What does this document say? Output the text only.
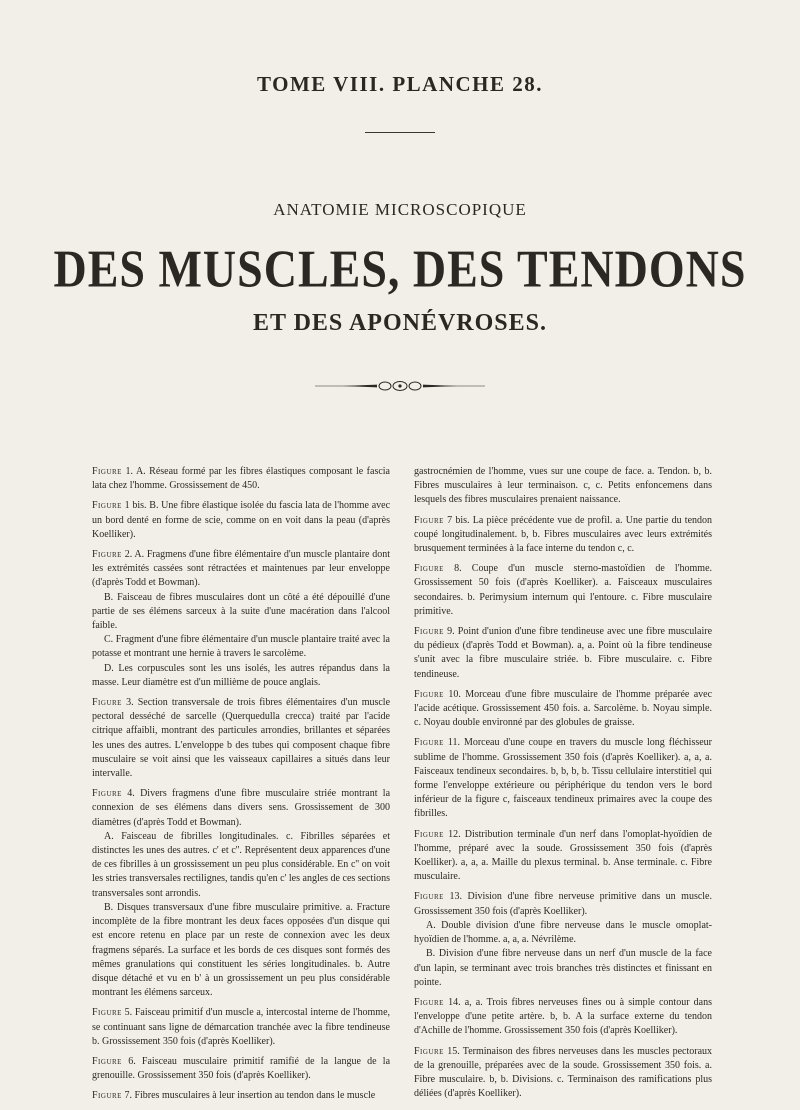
TOME VIII. PLANCHE 28.
ANATOMIE MICROSCOPIQUE
DES MUSCLES, DES TENDONS
ET DES APONÉVROSES.
Figure 1. A. Réseau formé par les fibres élastiques composant le fascia lata chez l'homme. Grossissement de 450.
Figure 1 bis. B. Une fibre élastique isolée du fascia lata de l'homme avec un bord denté en forme de scie, comme on en voit dans la peau (d'après Koelliker).
Figure 2. A. Fragmens d'une fibre élémentaire d'un muscle plantaire dont les extrémités cassées sont rétractées et maintenues par leur enveloppe (d'après Todd et Bowman).
B. Faisceau de fibres musculaires dont un côté a été dépouillé d'une partie de ses élémens sarceux à la suite d'une macération dans l'alcool faible.
C. Fragment d'une fibre élémentaire d'un muscle plantaire traité avec la potasse et montrant une hernie à travers le sarcolème.
D. Les corpuscules sont les uns isolés, les autres répandus dans la masse. Leur diamètre est d'un millième de pouce anglais.
Figure 3. Section transversale de trois fibres élémentaires d'un muscle pectoral desséché de sarcelle (Querquedulla crecca) traité par l'acide citrique affaibli, montrant des particules arrondies, brillantes et séparées les unes des autres. L'enveloppe b des tubes qui composent chaque fibre musculaire se voit ainsi que les vaisseaux capillaires a situés dans leur intervalle.
Figure 4. Divers fragmens d'une fibre musculaire striée montrant la connexion de ses élémens dans divers sens. Grossissement de 300 diamètres (d'après Todd et Bowman).
A. Faisceau de fibrilles longitudinales. c. Fibrilles séparées et distinctes les unes des autres. c' et c''. Représentent deux apparences d'une de ces fibrilles à un grossissement un peu plus considérable. En c'' on voit les stries transversales rectilignes, tandis qu'en c' les angles de ces sections transversales sont arrondis.
B. Disques transversaux d'une fibre musculaire primitive. a. Fracture incomplète de la fibre montrant les deux faces opposées d'un disque qui est encore retenu en place par un reste de connexion avec les deux fragmens séparés. La surface et les bords de ces disques sont formés des mêmes granulations qui constituent les séries longitudinales. b. Autre disque détaché et vu en b' à un grossissement un peu plus considérable montrant les élémens sarceux.
Figure 5. Faisceau primitif d'un muscle a, intercostal interne de l'homme, se continuant sans ligne de démarcation tranchée avec la fibre tendineuse b. Grossissement 350 fois (d'après Koelliker).
Figure 6. Faisceau musculaire primitif ramifié de la langue de la grenouille. Grossissement 350 fois (d'après Koelliker).
Figure 7. Fibres musculaires à leur insertion au tendon dans le muscle
gastrocnémien de l'homme, vues sur une coupe de face. a. Tendon. b, b. Fibres musculaires à leur terminaison. c, c. Petits enfoncemens dans lesquels des fibres musculaires prenaient naissance.
Figure 7 bis. La pièce précédente vue de profil. a. Une partie du tendon coupé longitudinalement. b, b. Fibres musculaires avec leurs extrémités brusquement terminées à la face interne du tendon c, c.
Figure 8. Coupe d'un muscle sterno-mastoïdien de l'homme. Grossissement 50 fois (d'après Koelliker). a. Faisceaux musculaires secondaires. b. Perimysium internum qui l'entoure. c. Fibre musculaire primitive.
Figure 9. Point d'union d'une fibre tendineuse avec une fibre musculaire du pédieux (d'après Todd et Bowman). a, a. Point où la fibre tendineuse s'unit avec la fibre musculaire striée. b. Fibre musculaire. c. Fibre tendineuse.
Figure 10. Morceau d'une fibre musculaire de l'homme préparée avec l'acide acétique. Grossissement 450 fois. a. Sarcolème. b. Noyau simple. c. Noyau double environné par des globules de graisse.
Figure 11. Morceau d'une coupe en travers du muscle long fléchisseur sublime de l'homme. Grossissement 350 fois (d'après Koelliker). a, a, a. Faisceaux tendineux secondaires. b, b, b, b. Tissu cellulaire interstitiel qui forme l'enveloppe extérieure ou périphérique du tendon vers le bord inférieur de la figure c, faisceaux tendineux primaires avec la coupe des fibrilles.
Figure 12. Distribution terminale d'un nerf dans l'omoplat-hyoïdien de l'homme, préparé avec la soude. Grossissement 350 fois (d'après Koelliker). a, a, a. Maille du plexus terminal. b. Anse terminale. c. Fibre musculaire.
Figure 13. Division d'une fibre nerveuse primitive dans un muscle. Grossissement 350 fois (d'après Koelliker).
A. Double division d'une fibre nerveuse dans le muscle omoplat-hyoïdien de l'homme. a, a, a. Névrilème.
B. Division d'une fibre nerveuse dans un nerf d'un muscle de la face d'un lapin, se terminant avec trois branches très distinctes et finissant en pointe.
Figure 14. a, a. Trois fibres nerveuses fines ou à simple contour dans l'enveloppe d'une petite artère. b, b. A la surface externe du tendon d'Achille de l'homme. Grossissement 350 fois (d'après Koelliker).
Figure 15. Terminaison des fibres nerveuses dans les muscles pectoraux de la grenouille, préparées avec de la soude. Grossissement 350 fois. a. Fibre musculaire. b, b. Divisions. c. Terminaison des ramifications plus déliées (d'après Koelliker).
